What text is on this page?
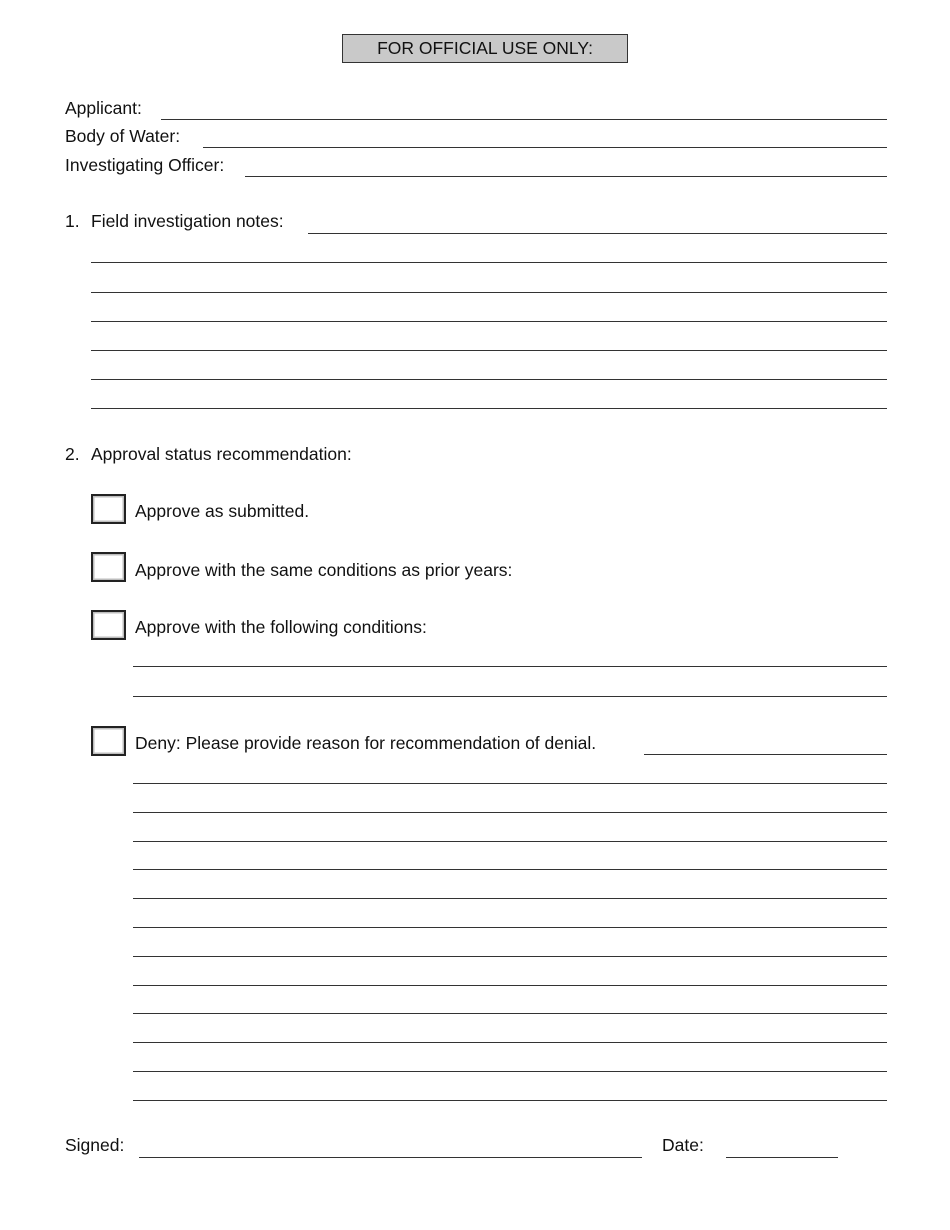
FOR OFFICIAL USE ONLY:
Applicant:
Body of Water:
Investigating Officer:
1. Field investigation notes:
2. Approval status recommendation:
Approve as submitted.
Approve with the same conditions as prior years:
Approve with the following conditions:
Deny: Please provide reason for recommendation of denial.
Signed:	Date:
